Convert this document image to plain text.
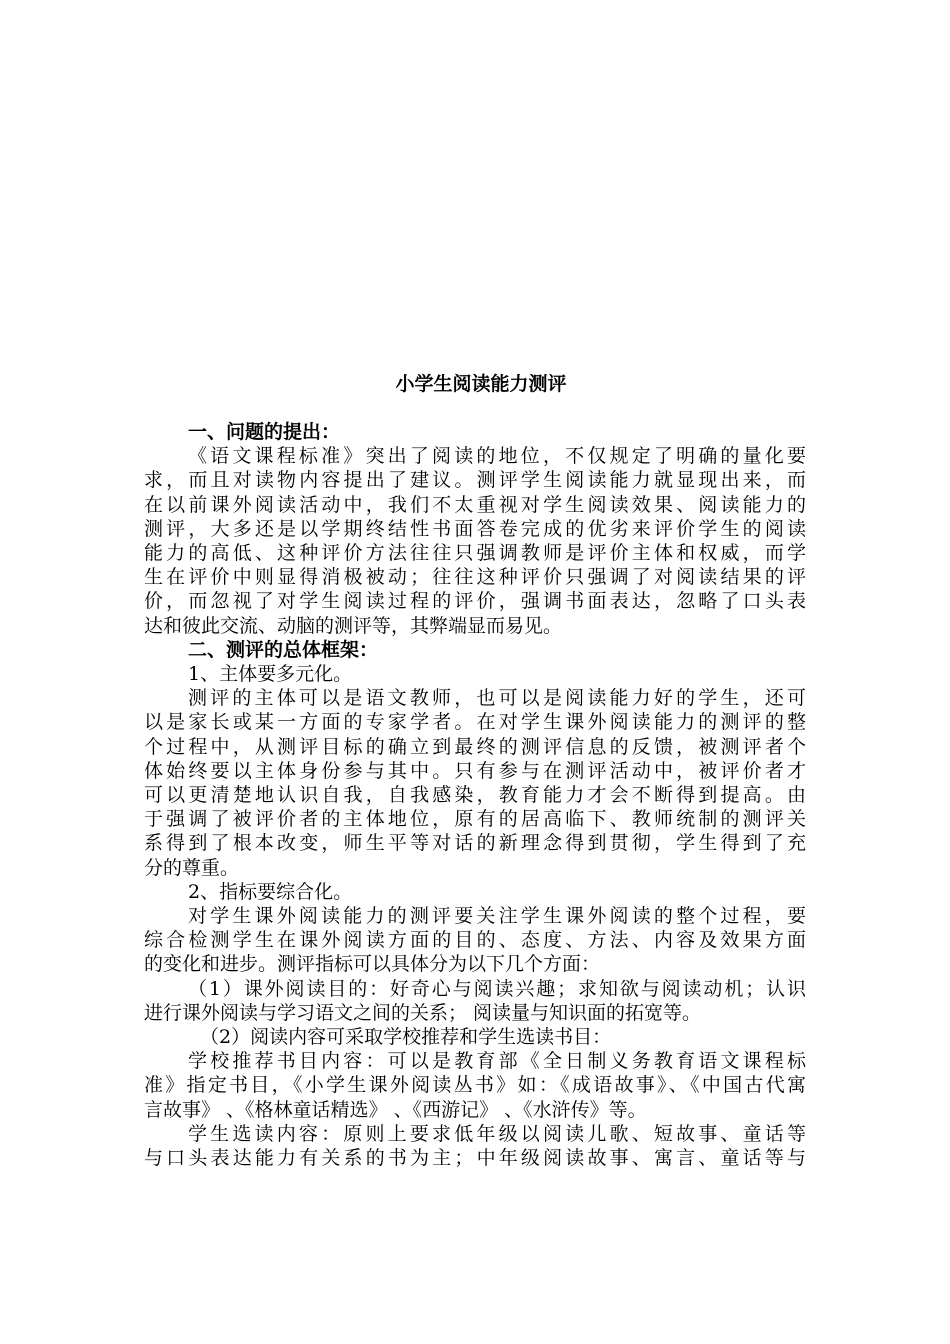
小学生阅读能力测评

一、问题的提出：

《语文课程标准》突出了阅读的地位，不仅规定了明确的量化要

求，而且对读物内容提出了建议。测评学生阅读能力就显现出来，而

在以前课外阅读活动中，我们不太重视对学生阅读效果、阅读能力的

测评，大多还是以学期终结性书面答卷完成的优劣来评价学生的阅读

能力的高低、这种评价方法往往只强调教师是评价主体和权威，而学

生在评价中则显得消极被动；往往这种评价只强调了对阅读结果的评

价，而忽视了对学生阅读过程的评价，强调书面表达，忽略了口头表

达和彼此交流、动脑的测评等，其弊端显而易见。

二、测评的总体框架：

1、主体要多元化。

测评的主体可以是语文教师，也可以是阅读能力好的学生，还可

以是家长或某一方面的专家学者。在对学生课外阅读能力的测评的整

个过程中，从测评目标的确立到最终的测评信息的反馈，被测评者个

体始终要以主体身份参与其中。只有参与在测评活动中，被评价者才

可以更清楚地认识自我，自我感染，教育能力才会不断得到提高。由

于强调了被评价者的主体地位，原有的居高临下、教师统制的测评关

系得到了根本改变，师生平等对话的新理念得到贯彻，学生得到了充

分的尊重。

2、指标要综合化。

对学生课外阅读能力的测评要关注学生课外阅读的整个过程，要

综合检测学生在课外阅读方面的目的、态度、方法、内容及效果方面

的变化和进步。测评指标可以具体分为以下几个方面：

（1）课外阅读目的：好奇心与阅读兴趣；求知欲与阅读动机；认识

进行课外阅读与学习语文之间的关系； 阅读量与知识面的拓宽等。

（2）阅读内容可采取学校推荐和学生选读书目：

学校推荐书目内容：可以是教育部《全日制义务教育语文课程标

准》指定书目，《小学生课外阅读丛书》如：《成语故事》、《中国古代寓

言故事》 、《格林童话精选》 、《西游记》 、《水浒传》等。

学生选读内容：原则上要求低年级以阅读儿歌、短故事、童话等

与口头表达能力有关系的书为主；中年级阅读故事、寓言、童话等与
